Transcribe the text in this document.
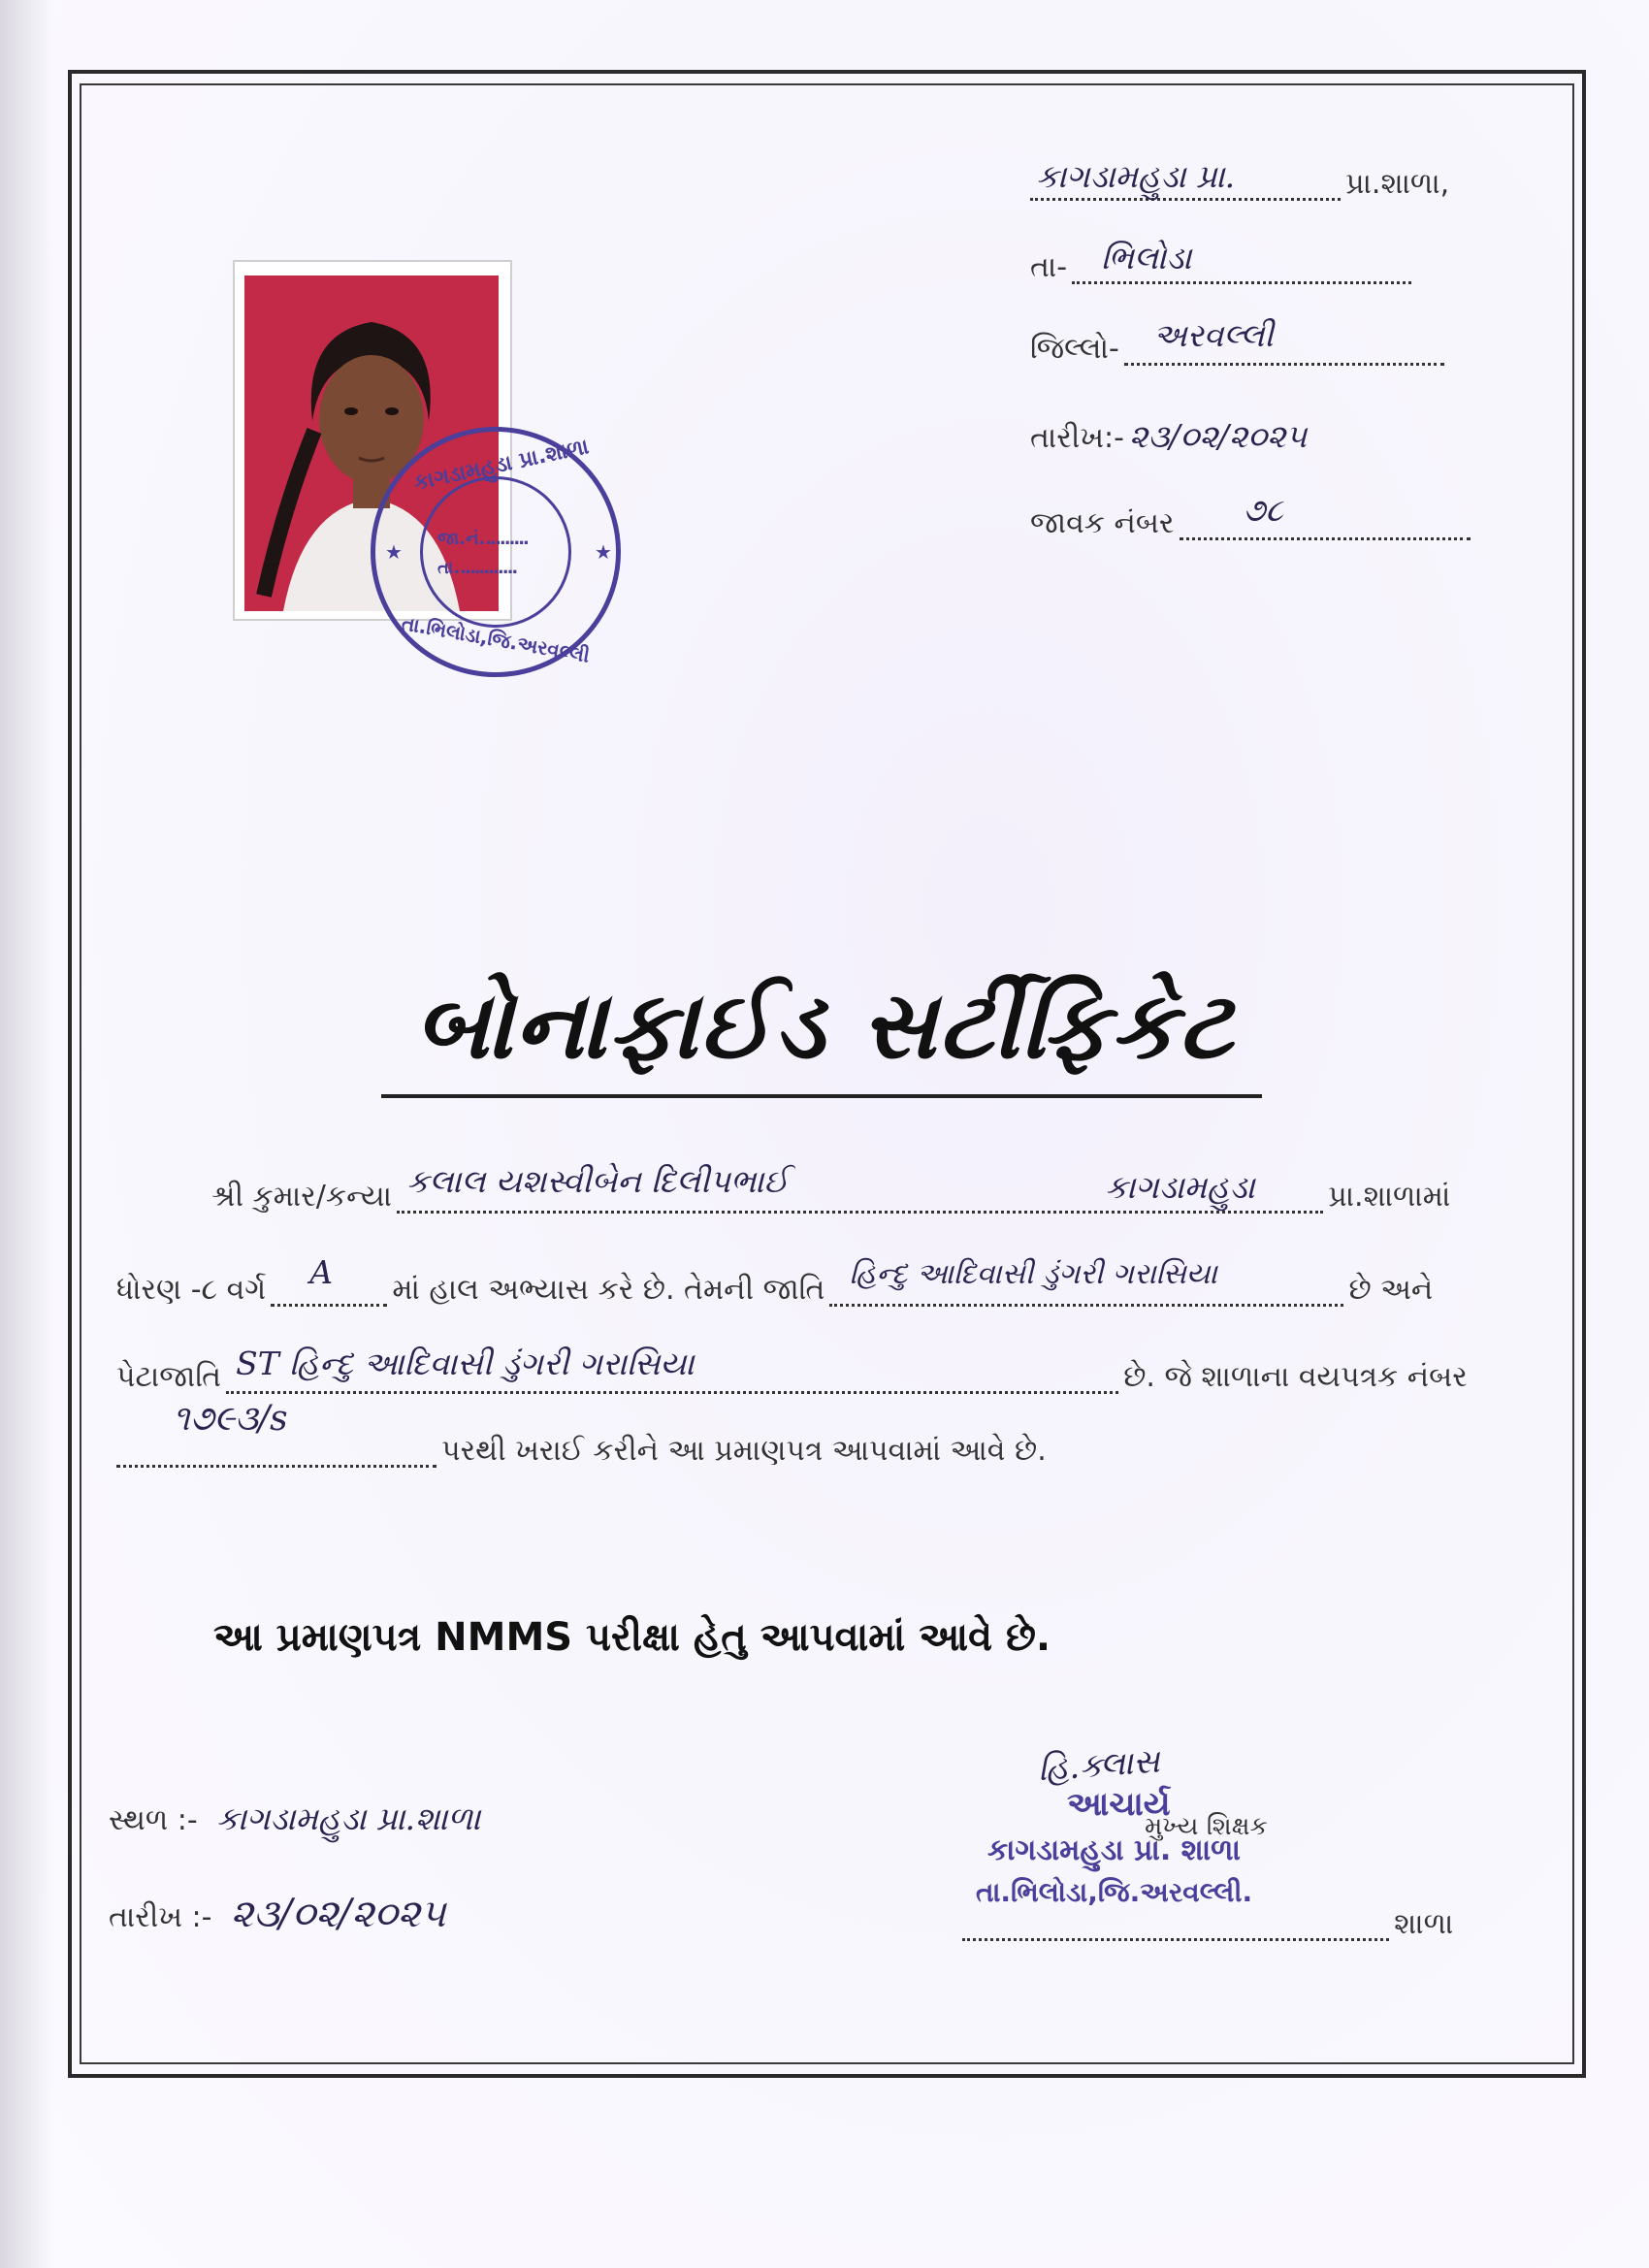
કાગડામહુડા પ્રા.	પ્રા.શાળા,
તા- ભિલોડા
જિલ્લો- અરવલ્લી
તારીખ:- ૨૩/૦૨/૨૦૨૫
જાવક નંબર ૭૮
કાગડામહુડા પ્રા.શાળા
જા.નં..........
તા.............
તા.ભિલોડા,જિ.અરવલ્લી
★	★
બોનાફાઈડ સર્ટીફિકેટ
શ્રી કુમાર/કન્યા કલાલ યશસ્વીબેન દિલીપભાઈ	કાગડામહુડા	પ્રા.શાળામાં
ધોરણ -૮ વર્ગ A માં હાલ અભ્યાસ કરે છે. તેમની જાતિ હિન્દુ આદિવાસી ડુંગરી ગરાસિયા	છે અને
પેટાજાતિ ST હિન્દુ આદિવાસી ડુંગરી ગરાસિયા	છે. જે શાળાના વયપત્રક નંબર
૧૭૯૩/s
પરથી ખરાઈ કરીને આ પ્રમાણપત્ર આપવામાં આવે છે.
આ પ્રમાણપત્ર NMMS પરીક્ષા હેતુ આપવામાં આવે છે.
સ્થળ :- કાગડામહુડા પ્રા.શાળા
તારીખ :- ૨૩/૦૨/૨૦૨૫
હિ.ક્લાસ
આચાર્ય
મુખ્ય શિક્ષક
કાગડામહુડા પ્રા. શાળા
તા.ભિલોડા,જિ.અરવલ્લી.
શાળા
